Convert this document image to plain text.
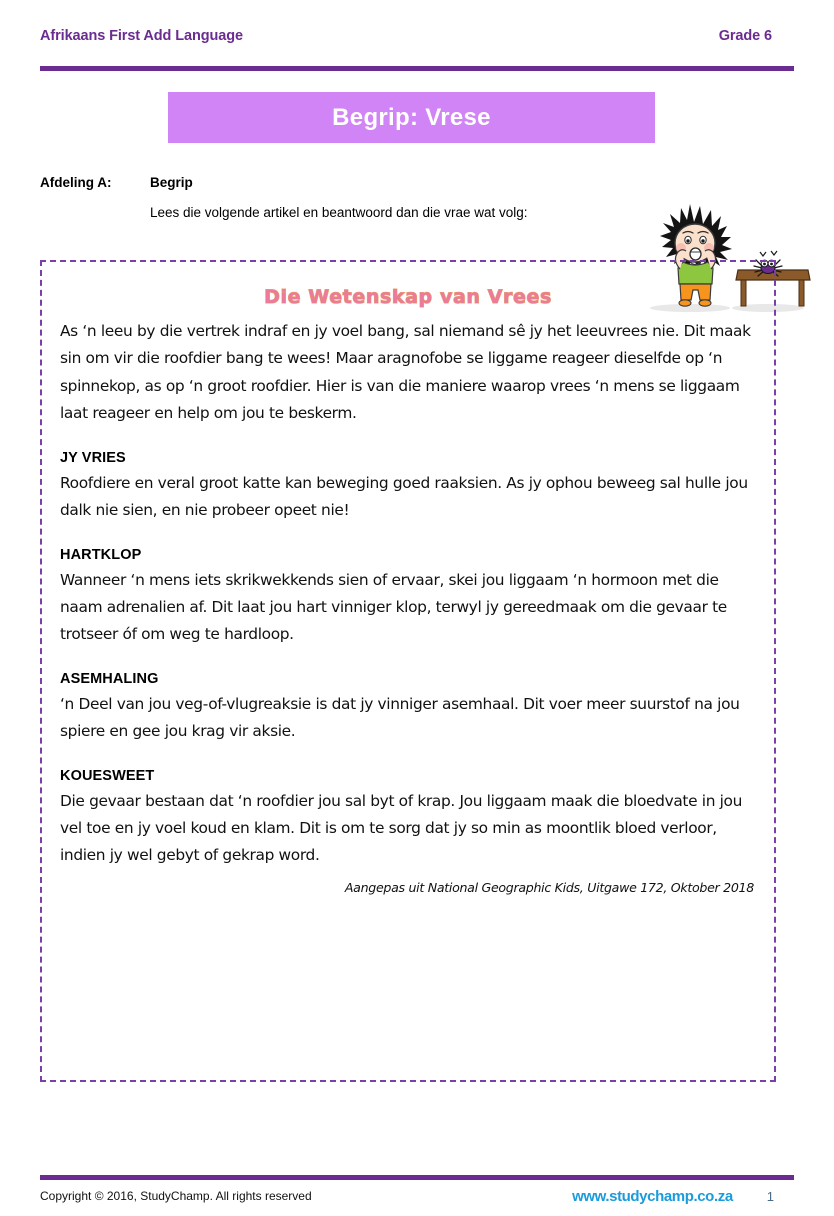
Afrikaans First Add Language	Grade 6
Begrip: Vrese
Afdeling A:	Begrip
Lees die volgende artikel en beantwoord dan die vrae wat volg:
Die Wetenskap van Vrees

As ‘n leeu by die vertrek indraf en jy voel bang, sal niemand sê jy het leeuvrees nie. Dit maak sin om vir die roofdier bang te wees! Maar aragnofobe se liggame reageer dieselfde op ‘n spinnekop, as op ‘n groot roofdier. Hier is van die maniere waarop vrees ‘n mens se liggaam laat reageer en help om jou te beskerm.

JY VRIES

Roofdiere en veral groot katte kan beweging goed raaksien. As jy ophou beweeg sal hulle jou dalk nie sien, en nie probeer opeet nie!

HARTKLOP

Wanneer ‘n mens iets skrikwekkends sien of ervaar, skei jou liggaam ‘n hormoon met die naam adrenalien af. Dit laat jou hart vinniger klop, terwyl jy gereedmaak om die gevaar te trotseer óf om weg te hardloop.

ASEMHALING

‘n Deel van jou veg-of-vlugreaksie is dat jy vinniger asemhaal. Dit voer meer suurstof na jou spiere en gee jou krag vir aksie.

KOUESWEET

Die gevaar bestaan dat ‘n roofdier jou sal byt of krap. Jou liggaam maak die bloedvate in jou vel toe en jy voel koud en klam. Dit is om te sorg dat jy so min as moontlik bloed verloor, indien jy wel gebyt of gekrap word.

Aangepas uit National Geographic Kids, Uitgawe 172, Oktober 2018
Copyright © 2016, StudyChamp. All rights reserved	www.studychamp.co.za	1
